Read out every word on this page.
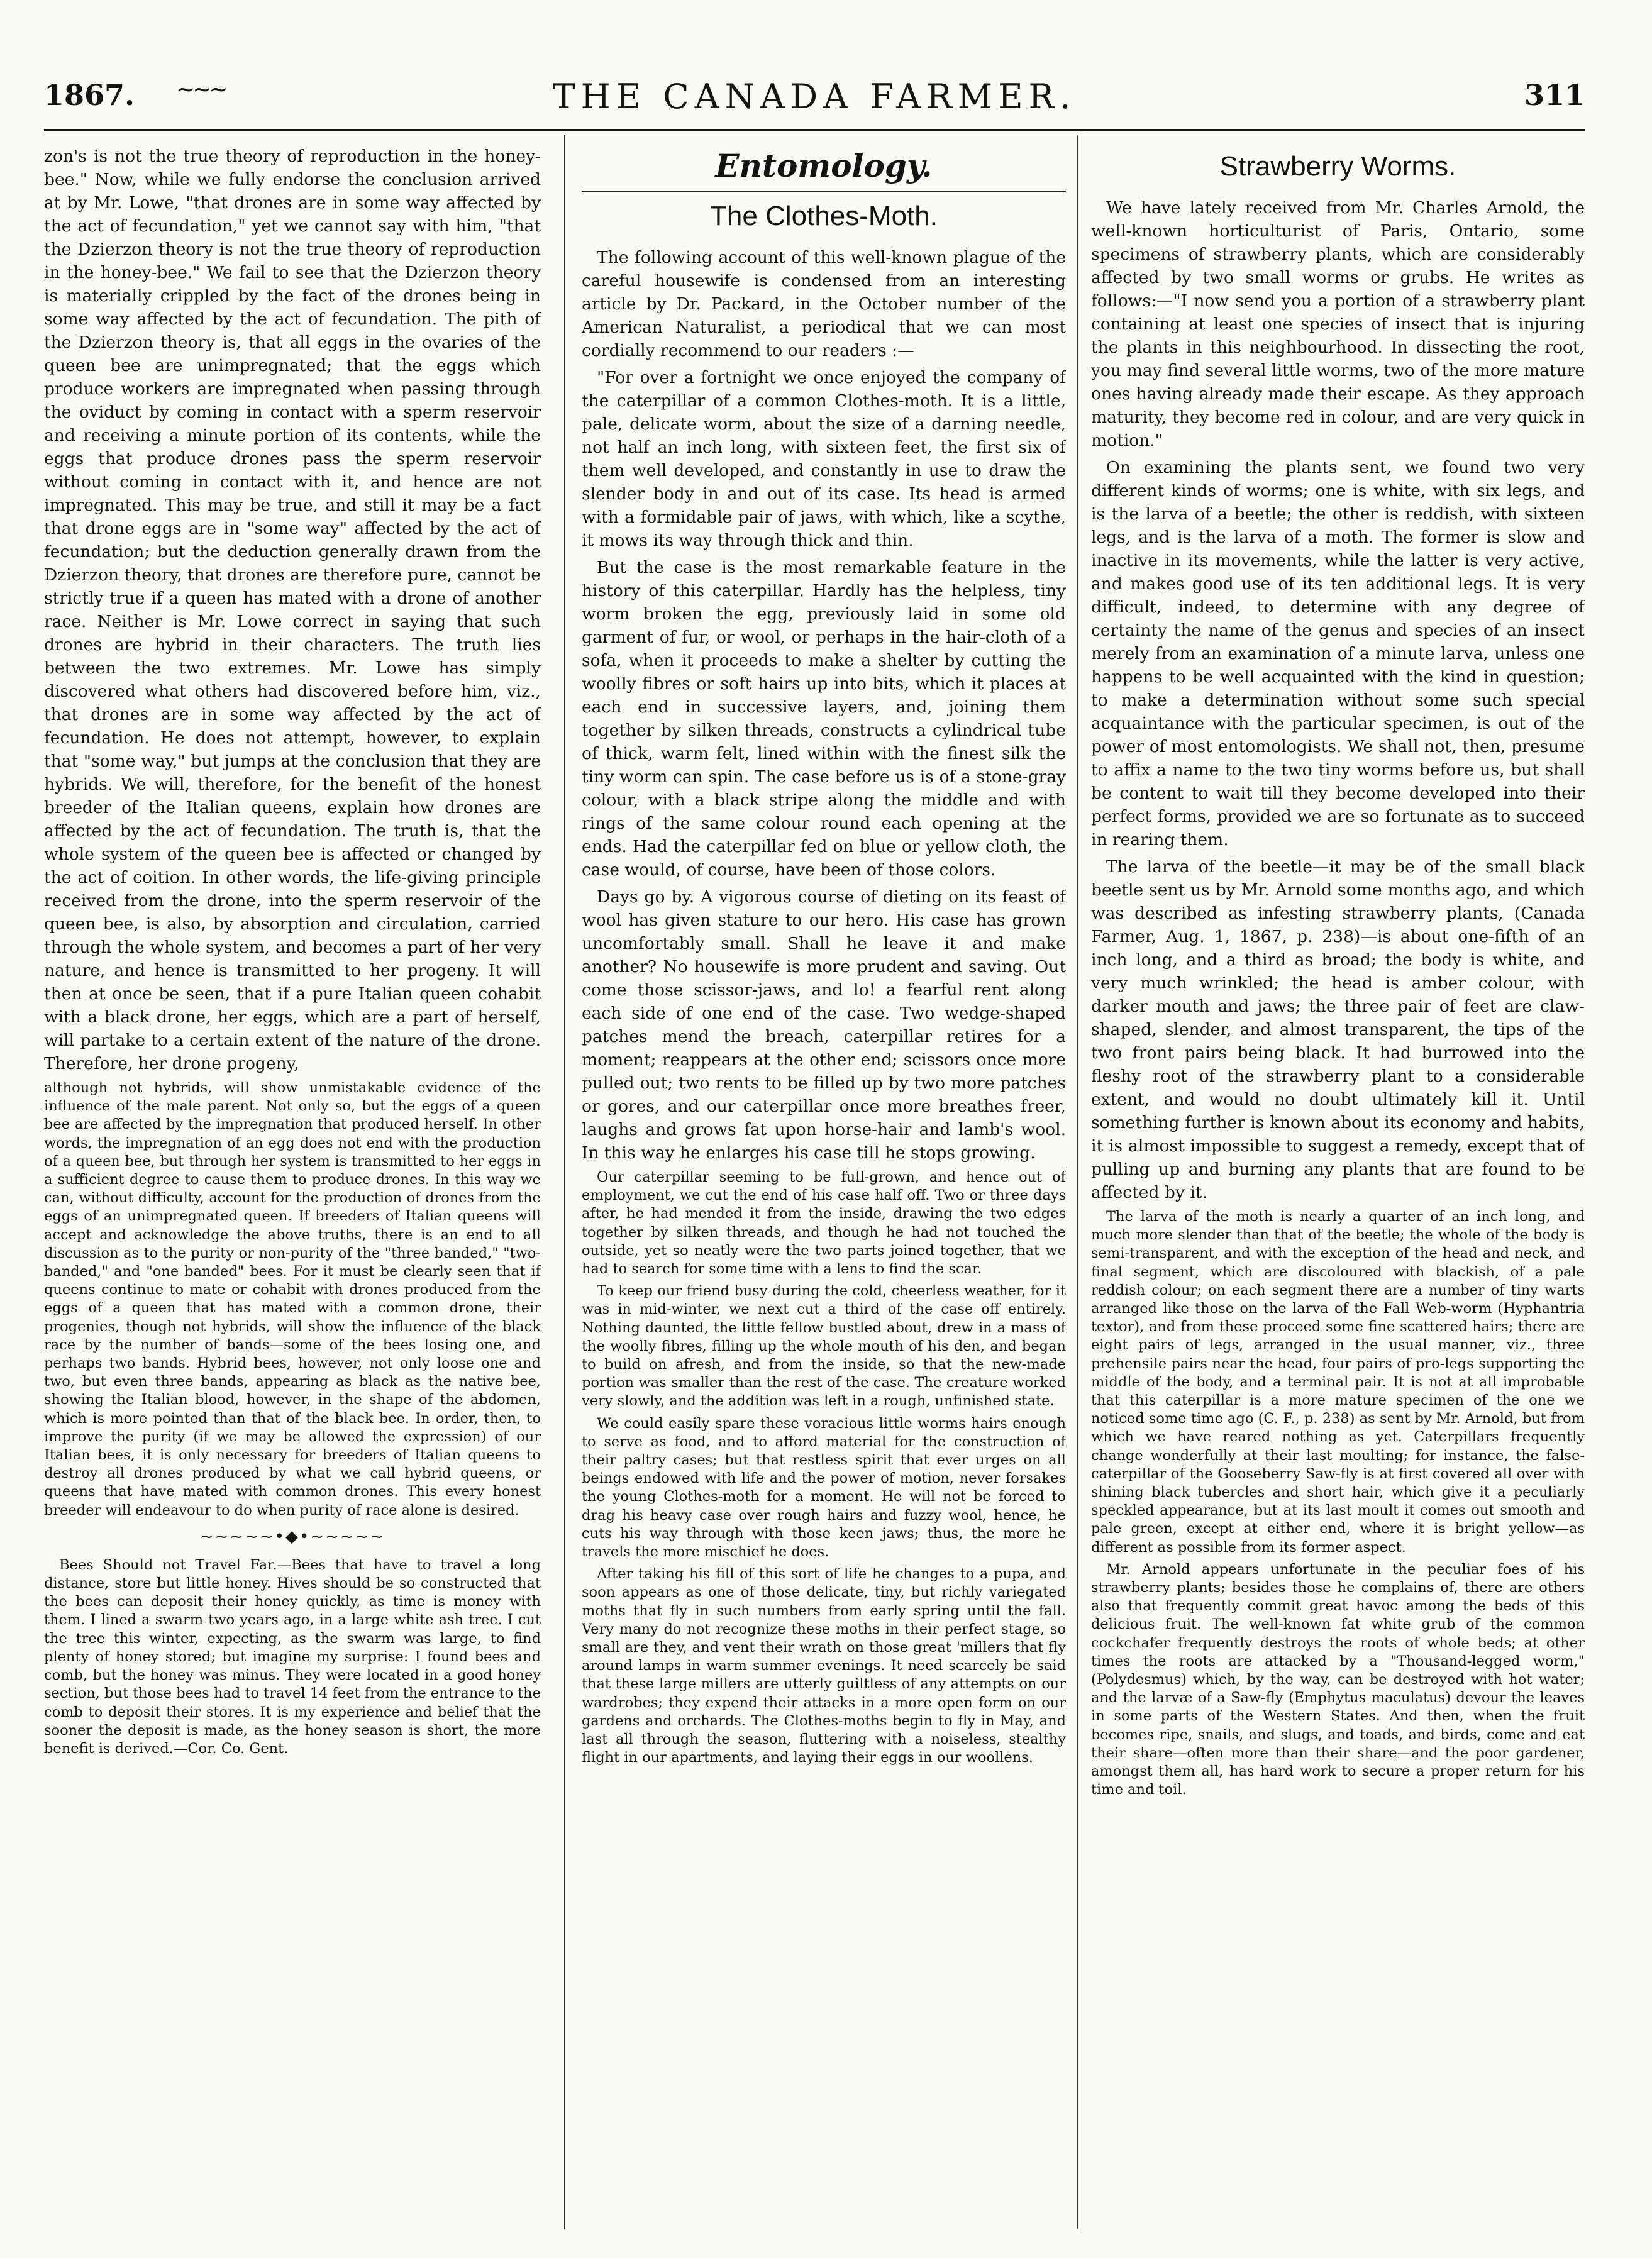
1867. ~~~	THE CANADA FARMER.	311

zon's is not the true theory of reproduction in the honey-bee." Now, while we fully endorse the conclusion arrived at by Mr. Lowe, "that drones are in some way affected by the act of fecundation," yet we cannot say with him, "that the Dzierzon theory is not the true theory of reproduction in the honey-bee." We fail to see that the Dzierzon theory is materially crippled by the fact of the drones being in some way affected by the act of fecundation. The pith of the Dzierzon theory is, that all eggs in the ovaries of the queen bee are unimpregnated; that the eggs which produce workers are impregnated when passing through the oviduct by coming in contact with a sperm reservoir and receiving a minute portion of its contents, while the eggs that produce drones pass the sperm reservoir without coming in contact with it, and hence are not impregnated. This may be true, and still it may be a fact that drone eggs are in "some way" affected by the act of fecundation; but the deduction generally drawn from the Dzierzon theory, that drones are therefore pure, cannot be strictly true if a queen has mated with a drone of another race. Neither is Mr. Lowe correct in saying that such drones are hybrid in their characters. The truth lies between the two extremes. Mr. Lowe has simply discovered what others had discovered before him, viz., that drones are in some way affected by the act of fecundation. He does not attempt, however, to explain that "some way," but jumps at the conclusion that they are hybrids. We will, therefore, for the benefit of the honest breeder of the Italian queens, explain how drones are affected by the act of fecundation. The truth is, that the whole system of the queen bee is affected or changed by the act of coition. In other words, the life-giving principle received from the drone, into the sperm reservoir of the queen bee, is also, by absorption and circulation, carried through the whole system, and becomes a part of her very nature, and hence is transmitted to her progeny. It will then at once be seen, that if a pure Italian queen cohabit with a black drone, her eggs, which are a part of herself, will partake to a certain extent of the nature of the drone. Therefore, her drone progeny,

although not hybrids, will show unmistakable evidence of the influence of the male parent. Not only so, but the eggs of a queen bee are affected by the impregnation that produced herself. In other words, the impregnation of an egg does not end with the production of a queen bee, but through her system is transmitted to her eggs in a sufficient degree to cause them to produce drones. In this way we can, without difficulty, account for the production of drones from the eggs of an unimpregnated queen. If breeders of Italian queens will accept and acknowledge the above truths, there is an end to all discussion as to the purity or non-purity of the "three banded," "two-banded," and "one banded" bees. For it must be clearly seen that if queens continue to mate or cohabit with drones produced from the eggs of a queen that has mated with a common drone, their progenies, though not hybrids, will show the influence of the black race by the number of bands—some of the bees losing one, and perhaps two bands. Hybrid bees, however, not only loose one and two, but even three bands, appearing as black as the native bee, showing the Italian blood, however, in the shape of the abdomen, which is more pointed than that of the black bee. In order, then, to improve the purity (if we may be allowed the expression) of our Italian bees, it is only necessary for breeders of Italian queens to destroy all drones produced by what we call hybrid queens, or queens that have mated with common drones. This every honest breeder will endeavour to do when purity of race alone is desired.

~~~~~•◆•~~~~~

Bees Should not Travel Far.—Bees that have to travel a long distance, store but little honey. Hives should be so constructed that the bees can deposit their honey quickly, as time is money with them. I lined a swarm two years ago, in a large white ash tree. I cut the tree this winter, expecting, as the swarm was large, to find plenty of honey stored; but imagine my surprise: I found bees and comb, but the honey was minus. They were located in a good honey section, but those bees had to travel 14 feet from the entrance to the comb to deposit their stores. It is my experience and belief that the sooner the deposit is made, as the honey season is short, the more benefit is derived.—Cor. Co. Gent.

Entomology.
The Clothes-Moth.

The following account of this well-known plague of the careful housewife is condensed from an interesting article by Dr. Packard, in the October number of the American Naturalist, a periodical that we can most cordially recommend to our readers :—

"For over a fortnight we once enjoyed the company of the caterpillar of a common Clothes-moth. It is a little, pale, delicate worm, about the size of a darning needle, not half an inch long, with sixteen feet, the first six of them well developed, and constantly in use to draw the slender body in and out of its case. Its head is armed with a formidable pair of jaws, with which, like a scythe, it mows its way through thick and thin.

But the case is the most remarkable feature in the history of this caterpillar. Hardly has the helpless, tiny worm broken the egg, previously laid in some old garment of fur, or wool, or perhaps in the hair-cloth of a sofa, when it proceeds to make a shelter by cutting the woolly fibres or soft hairs up into bits, which it places at each end in successive layers, and, joining them together by silken threads, constructs a cylindrical tube of thick, warm felt, lined within with the finest silk the tiny worm can spin. The case before us is of a stone-gray colour, with a black stripe along the middle and with rings of the same colour round each opening at the ends. Had the caterpillar fed on blue or yellow cloth, the case would, of course, have been of those colors.

Days go by. A vigorous course of dieting on its feast of wool has given stature to our hero. His case has grown uncomfortably small. Shall he leave it and make another? No housewife is more prudent and saving. Out come those scissor-jaws, and lo! a fearful rent along each side of one end of the case. Two wedge-shaped patches mend the breach, caterpillar retires for a moment; reappears at the other end; scissors once more pulled out; two rents to be filled up by two more patches or gores, and our caterpillar once more breathes freer, laughs and grows fat upon horse-hair and lamb's wool. In this way he enlarges his case till he stops growing.

Our caterpillar seeming to be full-grown, and hence out of employment, we cut the end of his case half off. Two or three days after, he had mended it from the inside, drawing the two edges together by silken threads, and though he had not touched the outside, yet so neatly were the two parts joined together, that we had to search for some time with a lens to find the scar.

To keep our friend busy during the cold, cheerless weather, for it was in mid-winter, we next cut a third of the case off entirely. Nothing daunted, the little fellow bustled about, drew in a mass of the woolly fibres, filling up the whole mouth of his den, and began to build on afresh, and from the inside, so that the new-made portion was smaller than the rest of the case. The creature worked very slowly, and the addition was left in a rough, unfinished state.

We could easily spare these voracious little worms hairs enough to serve as food, and to afford material for the construction of their paltry cases; but that restless spirit that ever urges on all beings endowed with life and the power of motion, never forsakes the young Clothes-moth for a moment. He will not be forced to drag his heavy case over rough hairs and fuzzy wool, hence, he cuts his way through with those keen jaws; thus, the more he travels the more mischief he does.

After taking his fill of this sort of life he changes to a pupa, and soon appears as one of those delicate, tiny, but richly variegated moths that fly in such numbers from early spring until the fall. Very many do not recognize these moths in their perfect stage, so small are they, and vent their wrath on those great 'millers that fly around lamps in warm summer evenings. It need scarcely be said that these large millers are utterly guiltless of any attempts on our wardrobes; they expend their attacks in a more open form on our gardens and orchards. The Clothes-moths begin to fly in May, and last all through the season, fluttering with a noiseless, stealthy flight in our apartments, and laying their eggs in our woollens.

Strawberry Worms.

We have lately received from Mr. Charles Arnold, the well-known horticulturist of Paris, Ontario, some specimens of strawberry plants, which are considerably affected by two small worms or grubs. He writes as follows:—"I now send you a portion of a strawberry plant containing at least one species of insect that is injuring the plants in this neighbourhood. In dissecting the root, you may find several little worms, two of the more mature ones having already made their escape. As they approach maturity, they become red in colour, and are very quick in motion."

On examining the plants sent, we found two very different kinds of worms; one is white, with six legs, and is the larva of a beetle; the other is reddish, with sixteen legs, and is the larva of a moth. The former is slow and inactive in its movements, while the latter is very active, and makes good use of its ten additional legs. It is very difficult, indeed, to determine with any degree of certainty the name of the genus and species of an insect merely from an examination of a minute larva, unless one happens to be well acquainted with the kind in question; to make a determination without some such special acquaintance with the particular specimen, is out of the power of most entomologists. We shall not, then, presume to affix a name to the two tiny worms before us, but shall be content to wait till they become developed into their perfect forms, provided we are so fortunate as to succeed in rearing them.

The larva of the beetle—it may be of the small black beetle sent us by Mr. Arnold some months ago, and which was described as infesting strawberry plants, (Canada Farmer, Aug. 1, 1867, p. 238)—is about one-fifth of an inch long, and a third as broad; the body is white, and very much wrinkled; the head is amber colour, with darker mouth and jaws; the three pair of feet are claw-shaped, slender, and almost transparent, the tips of the two front pairs being black. It had burrowed into the fleshy root of the strawberry plant to a considerable extent, and would no doubt ultimately kill it. Until something further is known about its economy and habits, it is almost impossible to suggest a remedy, except that of pulling up and burning any plants that are found to be affected by it.

The larva of the moth is nearly a quarter of an inch long, and much more slender than that of the beetle; the whole of the body is semi-transparent, and with the exception of the head and neck, and final segment, which are discoloured with blackish, of a pale reddish colour; on each segment there are a number of tiny warts arranged like those on the larva of the Fall Web-worm (Hyphantria textor), and from these proceed some fine scattered hairs; there are eight pairs of legs, arranged in the usual manner, viz., three prehensile pairs near the head, four pairs of pro-legs supporting the middle of the body, and a terminal pair. It is not at all improbable that this caterpillar is a more mature specimen of the one we noticed some time ago (C. F., p. 238) as sent by Mr. Arnold, but from which we have reared nothing as yet. Caterpillars frequently change wonderfully at their last moulting; for instance, the false-caterpillar of the Gooseberry Saw-fly is at first covered all over with shining black tubercles and short hair, which give it a peculiarly speckled appearance, but at its last moult it comes out smooth and pale green, except at either end, where it is bright yellow—as different as possible from its former aspect.

Mr. Arnold appears unfortunate in the peculiar foes of his strawberry plants; besides those he complains of, there are others also that frequently commit great havoc among the beds of this delicious fruit. The well-known fat white grub of the common cockchafer frequently destroys the roots of whole beds; at other times the roots are attacked by a "Thousand-legged worm," (Polydesmus) which, by the way, can be destroyed with hot water; and the larvæ of a Saw-fly (Emphytus maculatus) devour the leaves in some parts of the Western States. And then, when the fruit becomes ripe, snails, and slugs, and toads, and birds, come and eat their share—often more than their share—and the poor gardener, amongst them all, has hard work to secure a proper return for his time and toil.
